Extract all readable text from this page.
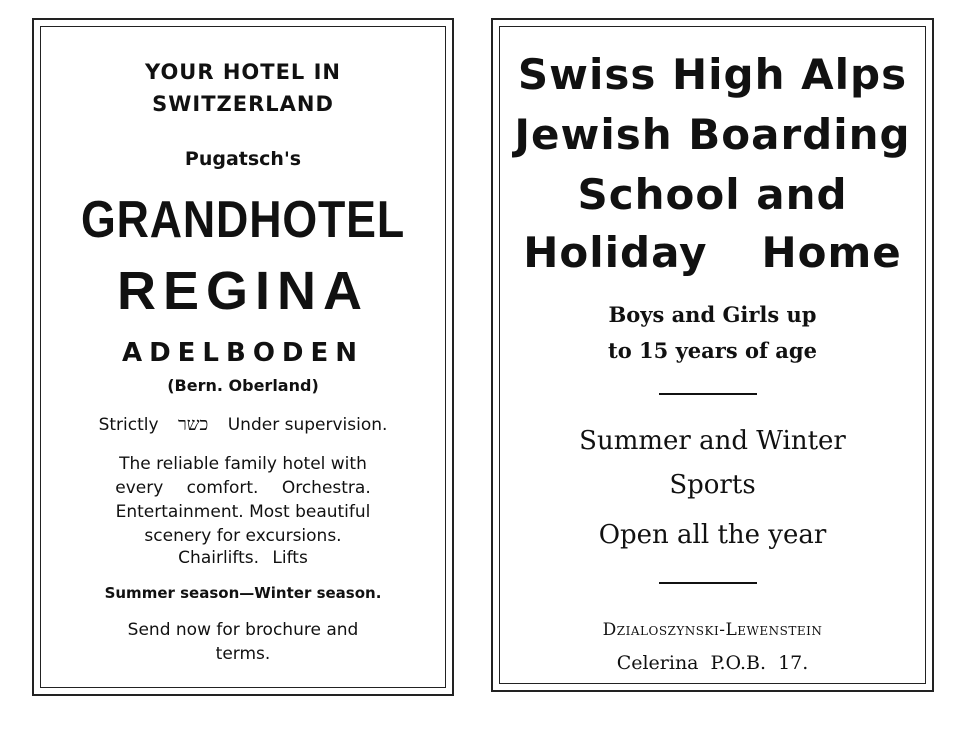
YOUR HOTEL IN
SWITZERLAND
Pugatsch's
GRANDHOTEL
REGINA
ADELBODEN
(Bern. Oberland)
Strictly כשר Under supervision.
The reliable family hotel with
every comfort. Orchestra.
Entertainment. Most beautiful
scenery for excursions.
Chairlifts. Lifts
Summer season—Winter season.
Send now for brochure and
terms.
Swiss High Alps
Jewish Boarding
School and
Holiday Home
Boys and Girls up
to 15 years of age
Summer and Winter
Sports
Open all the year
Dzialoszynski-Lewenstein
Celerina P.O.B. 17.
